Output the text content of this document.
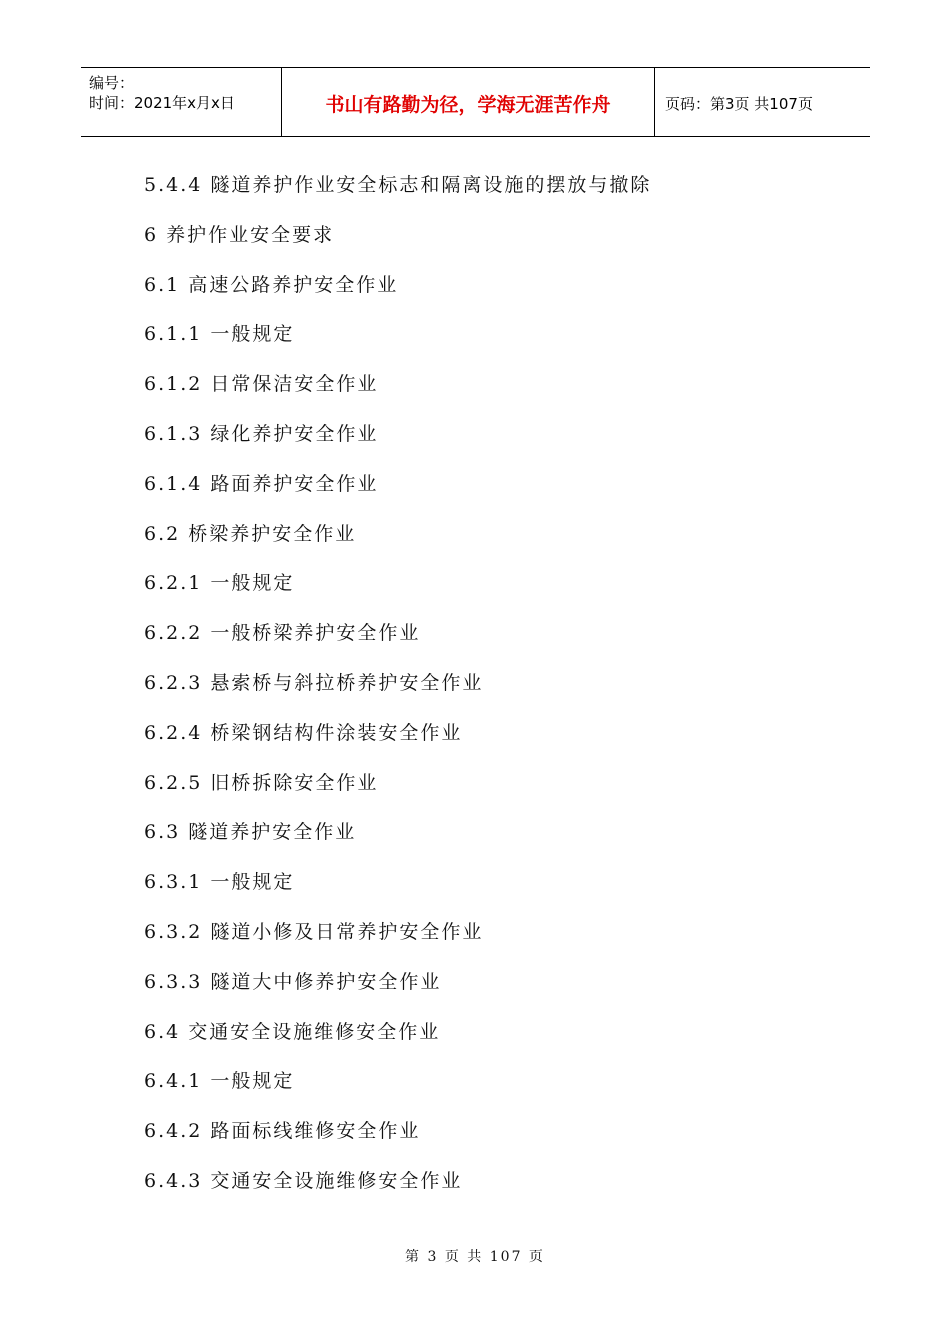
编号：
时间：2021年x月x日	书山有路勤为径，学海无涯苦作舟	页码：第3页 共107页
5.4.4 隧道养护作业安全标志和隔离设施的摆放与撤除
6 养护作业安全要求
6.1 高速公路养护安全作业
6.1.1 一般规定
6.1.2 日常保洁安全作业
6.1.3 绿化养护安全作业
6.1.4 路面养护安全作业
6.2 桥梁养护安全作业
6.2.1 一般规定
6.2.2 一般桥梁养护安全作业
6.2.3 悬索桥与斜拉桥养护安全作业
6.2.4 桥梁钢结构件涂装安全作业
6.2.5 旧桥拆除安全作业
6.3 隧道养护安全作业
6.3.1 一般规定
6.3.2 隧道小修及日常养护安全作业
6.3.3 隧道大中修养护安全作业
6.4 交通安全设施维修安全作业
6.4.1 一般规定
6.4.2 路面标线维修安全作业
6.4.3 交通安全设施维修安全作业
第 3 页 共 107 页
